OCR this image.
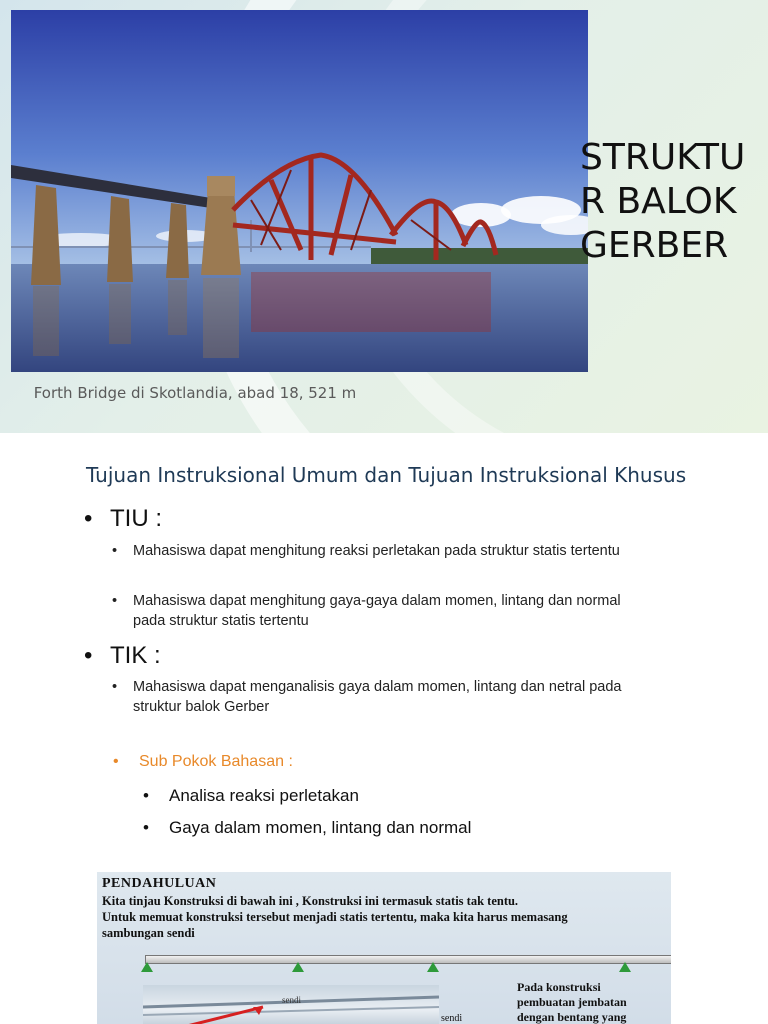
Forth Bridge di Skotlandia, abad 18, 521 m
STRUKTU
R BALOK
GERBER
Tujuan Instruksional Umum dan Tujuan Instruksional Khusus
• TIU :
•	Mahasiswa dapat menghitung reaksi perletakan pada struktur statis tertentu
•	Mahasiswa dapat menghitung gaya-gaya dalam momen, lintang dan normal pada struktur statis tertentu
• TIK :
•	Mahasiswa dapat menganalisis gaya dalam momen, lintang dan netral pada struktur balok Gerber
• Sub Pokok Bahasan :
• Analisa reaksi perletakan
• Gaya dalam momen, lintang dan normal
PENDAHULUAN
Kita tinjau Konstruksi di bawah ini , Konstruksi ini termasuk statis tak tentu.
Untuk memuat konstruksi tersebut menjadi statis tertentu, maka kita harus memasang
sambungan sendi
sendi
sendi
Pada konstruksi
pembuatan jembatan
dengan bentang yang
